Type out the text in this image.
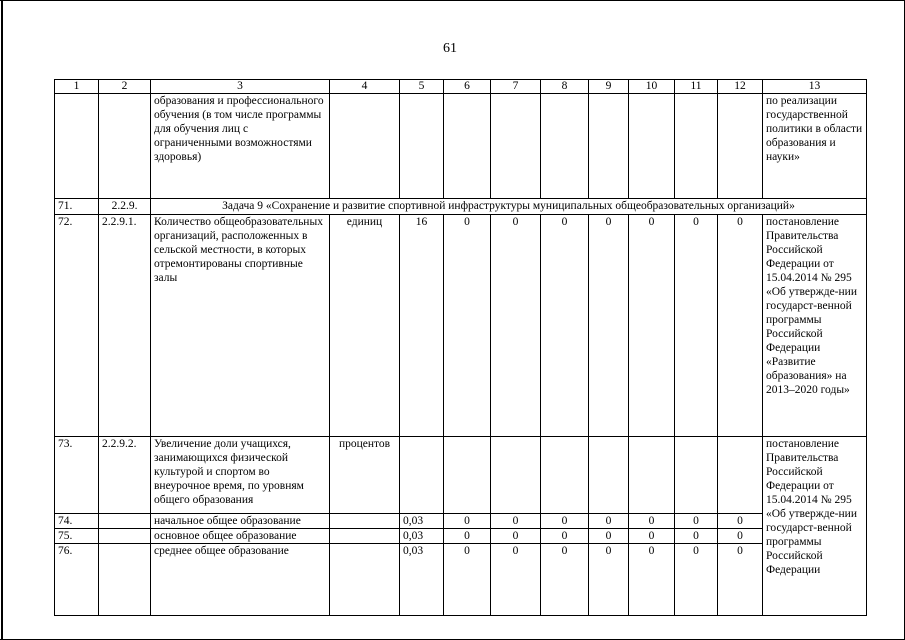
61
1	2	3	4	5	6	7	8	9	10	11	12	13
		образования и профессионального обучения (в том числе программы для обучения лиц с ограниченными возможностями здоровья)										по реализации государственной политики в области образования и науки»
71.	2.2.9.	Задача 9 «Сохранение и развитие спортивной инфраструктуры муниципальных общеобразовательных организаций»										
72.	2.2.9.1.	Количество общеобразовательных организаций, расположенных в сельской местности, в которых отремонтированы спортивные залы	единиц	16	0	0	0	0	0	0	0	постановление Правительства Российской Федерации от 15.04.2014 № 295 «Об утвержде-нии государст-венной программы Российской Федерации «Развитие образования» на 2013–2020 годы»
73.	2.2.9.2.	Увеличение доли учащихся, занимающихся физической культурой и спортом во внеурочное время, по уровням общего образования	процентов									постановление Правительства Российской Федерации от 15.04.2014 № 295 «Об утвержде-нии государст-венной программы Российской Федерации
74.		начальное общее образование		0,03	0	0	0	0	0	0	0	
75.		основное общее образование		0,03	0	0	0	0	0	0	0	
76.		среднее общее образование		0,03	0	0	0	0	0	0	0	
